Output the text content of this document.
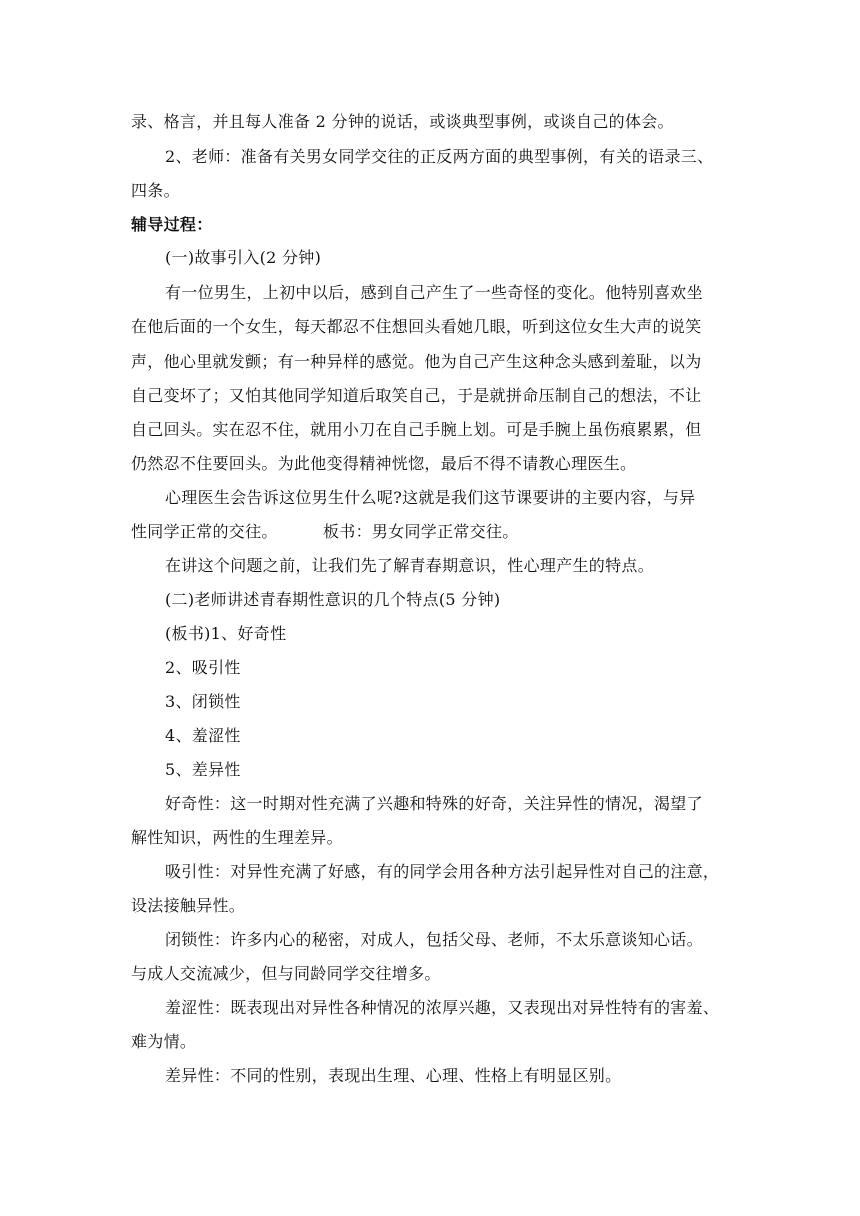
录、格言，并且每人准备 2 分钟的说话，或谈典型事例，或谈自己的体会。
2、老师：准备有关男女同学交往的正反两方面的典型事例，有关的语录三、
四条。
辅导过程：
(一)故事引入(2 分钟)
有一位男生，上初中以后，感到自己产生了一些奇怪的变化。他特别喜欢坐
在他后面的一个女生，每天都忍不住想回头看她几眼，听到这位女生大声的说笑
声，他心里就发颤；有一种异样的感觉。他为自己产生这种念头感到羞耻，以为
自己变坏了；又怕其他同学知道后取笑自己，于是就拼命压制自己的想法，不让
自己回头。实在忍不住，就用小刀在自己手腕上划。可是手腕上虽伤痕累累，但
仍然忍不住要回头。为此他变得精神恍惚，最后不得不请教心理医生。
心理医生会告诉这位男生什么呢?这就是我们这节课要讲的主要内容，与异
性同学正常的交往。	板书：男女同学正常交往。
在讲这个问题之前，让我们先了解青春期意识，性心理产生的特点。
(二)老师讲述青春期性意识的几个特点(5 分钟)
(板书)1、好奇性
2、吸引性
3、闭锁性
4、羞涩性
5、差异性
好奇性：这一时期对性充满了兴趣和特殊的好奇，关注异性的情况，渴望了
解性知识，两性的生理差异。
吸引性：对异性充满了好感，有的同学会用各种方法引起异性对自己的注意，
设法接触异性。
闭锁性：许多内心的秘密，对成人，包括父母、老师，不太乐意谈知心话。
与成人交流减少，但与同龄同学交往增多。
羞涩性：既表现出对异性各种情况的浓厚兴趣，又表现出对异性特有的害羞、
难为情。
差异性：不同的性别，表现出生理、心理、性格上有明显区别。
